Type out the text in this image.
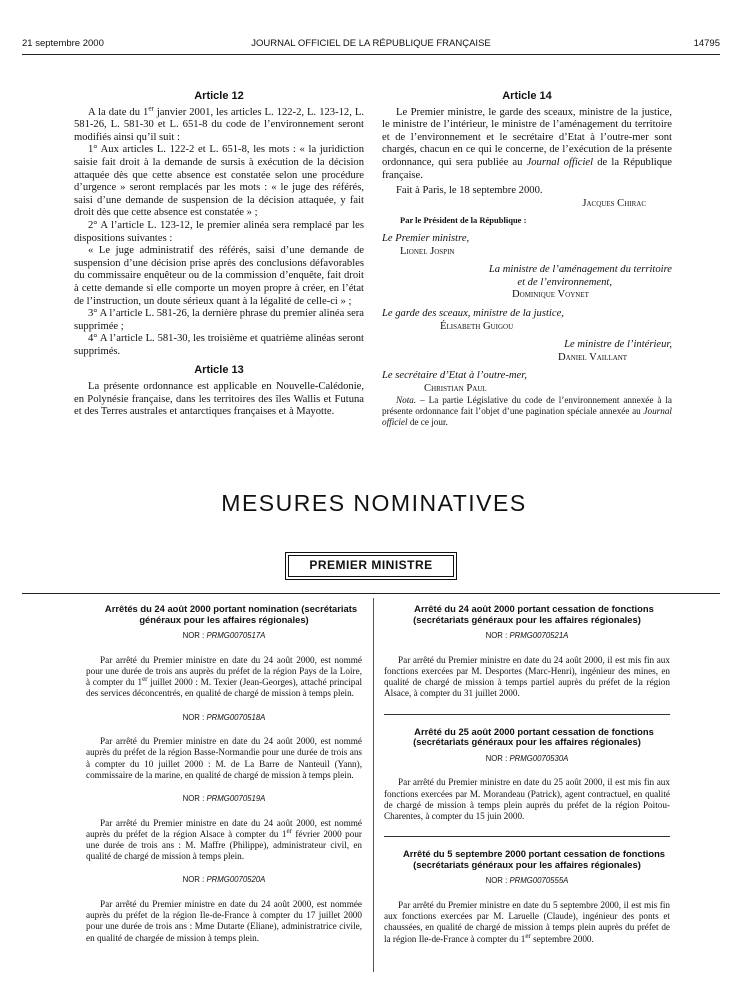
21 septembre 2000	JOURNAL OFFICIEL DE LA RÉPUBLIQUE FRANÇAISE	14795
Article 12

A la date du 1er janvier 2001, les articles L. 122-2, L. 123-12, L. 581-26, L. 581-30 et L. 651-8 du code de l’environnement seront modifiés ainsi qu’il suit :

1° Aux articles L. 122-2 et L. 651-8, les mots : « la juridiction saisie fait droit à la demande de sursis à exécution de la décision attaquée dès que cette absence est constatée selon une procédure d’urgence » seront remplacés par les mots : « le juge des référés, saisi d’une demande de suspension de la décision attaquée, y fait droit dès que cette absence est constatée » ;

2° A l’article L. 123-12, le premier alinéa sera remplacé par les dispositions suivantes :

« Le juge administratif des référés, saisi d’une demande de suspension d’une décision prise après des conclusions défavorables du commissaire enquêteur ou de la commission d’enquête, fait droit à cette demande si elle comporte un moyen propre à créer, en l’état de l’instruction, un doute sérieux quant à la légalité de celle-ci » ;

3° A l’article L. 581-26, la dernière phrase du premier alinéa sera supprimée ;

4° A l’article L. 581-30, les troisième et quatrième alinéas seront supprimés.

Article 13

La présente ordonnance est applicable en Nouvelle-Calédonie, en Polynésie française, dans les territoires des îles Wallis et Futuna et des Terres australes et antarctiques françaises et à Mayotte.

Article 14

Le Premier ministre, le garde des sceaux, ministre de la justice, le ministre de l’intérieur, le ministre de l’aménagement du territoire et de l’environnement et le secrétaire d’Etat à l’outre-mer sont chargés, chacun en ce qui le concerne, de l’exécution de la présente ordonnance, qui sera publiée au Journal officiel de la République française.

Fait à Paris, le 18 septembre 2000.

Jacques Chirac
Par le Président de la République :
Le Premier ministre,
Lionel Jospin
La ministre de l’aménagement du territoire
et de l’environnement,
Dominique Voynet
Le garde des sceaux, ministre de la justice,
Élisabeth Guigou
Le ministre de l’intérieur,
Daniel Vaillant
Le secrétaire d’Etat à l’outre-mer,
Christian Paul

Nota. – La partie Législative du code de l’environnement annexée à la présente ordonnance fait l’objet d’une pagination spéciale annexée au Journal officiel de ce jour.

MESURES NOMINATIVES
PREMIER MINISTRE

Arrêtés du 24 août 2000 portant nomination (secrétariats généraux pour les affaires régionales)

NOR : PRMG0070517A

Par arrêté du Premier ministre en date du 24 août 2000, est nommé pour une durée de trois ans auprès du préfet de la région Pays de la Loire, à compter du 1er juillet 2000 : M. Texier (Jean-Georges), attaché principal des services déconcentrés, en qualité de chargé de mission à temps plein.

NOR : PRMG0070518A

Par arrêté du Premier ministre en date du 24 août 2000, est nommé auprès du préfet de la région Basse-Normandie pour une durée de trois ans à compter du 10 juillet 2000 : M. de La Barre de Nanteuil (Yann), commissaire de la marine, en qualité de chargé de mission à temps plein.

NOR : PRMG0070519A

Par arrêté du Premier ministre en date du 24 août 2000, est nommé auprès du préfet de la région Alsace à compter du 1er février 2000 pour une durée de trois ans : M. Maffre (Philippe), administrateur civil, en qualité de chargé de mission à temps plein.

NOR : PRMG0070520A

Par arrêté du Premier ministre en date du 24 août 2000, est nommée auprès du préfet de la région Ile-de-France à compter du 17 juillet 2000 pour une durée de trois ans : Mme Dutarte (Eliane), administratrice civile, en qualité de chargée de mission à temps plein.

Arrêté du 24 août 2000 portant cessation de fonctions (secrétariats généraux pour les affaires régionales)

NOR : PRMG0070521A

Par arrêté du Premier ministre en date du 24 août 2000, il est mis fin aux fonctions exercées par M. Desportes (Marc-Henri), ingénieur des mines, en qualité de chargé de mission à temps partiel auprès du préfet de la région Alsace, à compter du 31 juillet 2000.

Arrêté du 25 août 2000 portant cessation de fonctions (secrétariats généraux pour les affaires régionales)

NOR : PRMG0070530A

Par arrêté du Premier ministre en date du 25 août 2000, il est mis fin aux fonctions exercées par M. Morandeau (Patrick), agent contractuel, en qualité de chargé de mission à temps plein auprès du préfet de la région Poitou-Charentes, à compter du 15 juin 2000.

Arrêté du 5 septembre 2000 portant cessation de fonctions (secrétariats généraux pour les affaires régionales)

NOR : PRMG0070555A

Par arrêté du Premier ministre en date du 5 septembre 2000, il est mis fin aux fonctions exercées par M. Laruelle (Claude), ingénieur des ponts et chaussées, en qualité de chargé de mission à temps plein auprès du préfet de la région Ile-de-France à compter du 1er septembre 2000.
